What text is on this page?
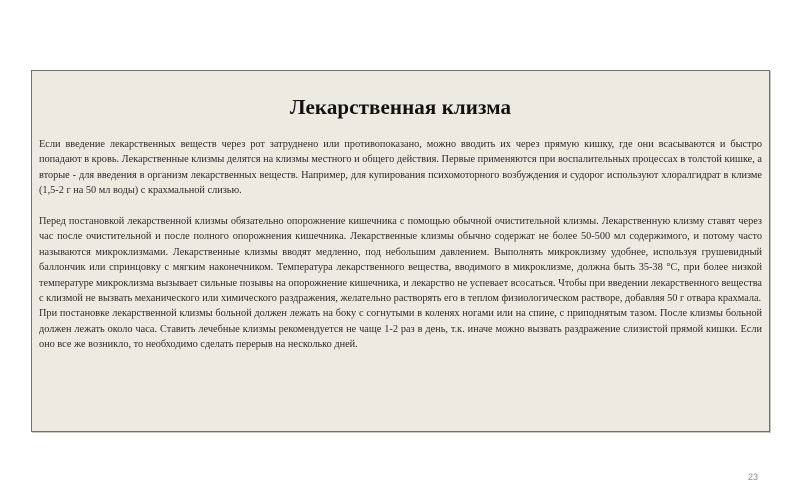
Лекарственная клизма

Если введение лекарственных веществ через рот затруднено или противопоказано, можно вводить их через прямую кишку, где они всасываются и быстро попадают в кровь. Лекарственные клизмы делятся на клизмы местного и общего действия. Первые применяются при воспалительных процессах в толстой кишке, а вторые - для введения в организм лекарственных веществ. Например, для купирования психомоторного возбуждения и судорог используют хлоралгидрат в клизме (1,5-2 г на 50 мл воды) с крахмальной слизью.

Перед постановкой лекарственной клизмы обязательно опорожнение кишечника с помощью обычной очистительной клизмы. Лекарственную клизму ставят через час после очистительной и после полного опорожнения кишечника. Лекарственные клизмы обычно содержат не более 50-500 мл содержимого, и потому часто называются микроклизмами. Лекарственные клизмы вводят медленно, под небольшим давлением. Выполнять микроклизму удобнее, используя грушевидный баллончик или спринцовку с мягким наконечником. Температура лекарственного вещества, вводимого в микроклизме, должна быть 35-38 °С, при более низкой температуре микроклизма вызывает сильные позывы на опорожнение кишечника, и лекарство не успевает всосаться. Чтобы при введении лекарственного вещества с клизмой не вызвать механического или химического раздражения, желательно растворять его в теплом физиологическом растворе, добавляя 50 г отвара крахмала.

При постановке лекарственной клизмы больной должен лежать на боку с согнутыми в коленях ногами или на спине, с приподнятым тазом. После клизмы больной должен лежать около часа. Ставить лечебные клизмы рекомендуется не чаще 1-2 раз в день, т.к. иначе можно вызвать раздражение слизистой прямой кишки. Если оно все же возникло, то необходимо сделать перерыв на несколько дней.

23
